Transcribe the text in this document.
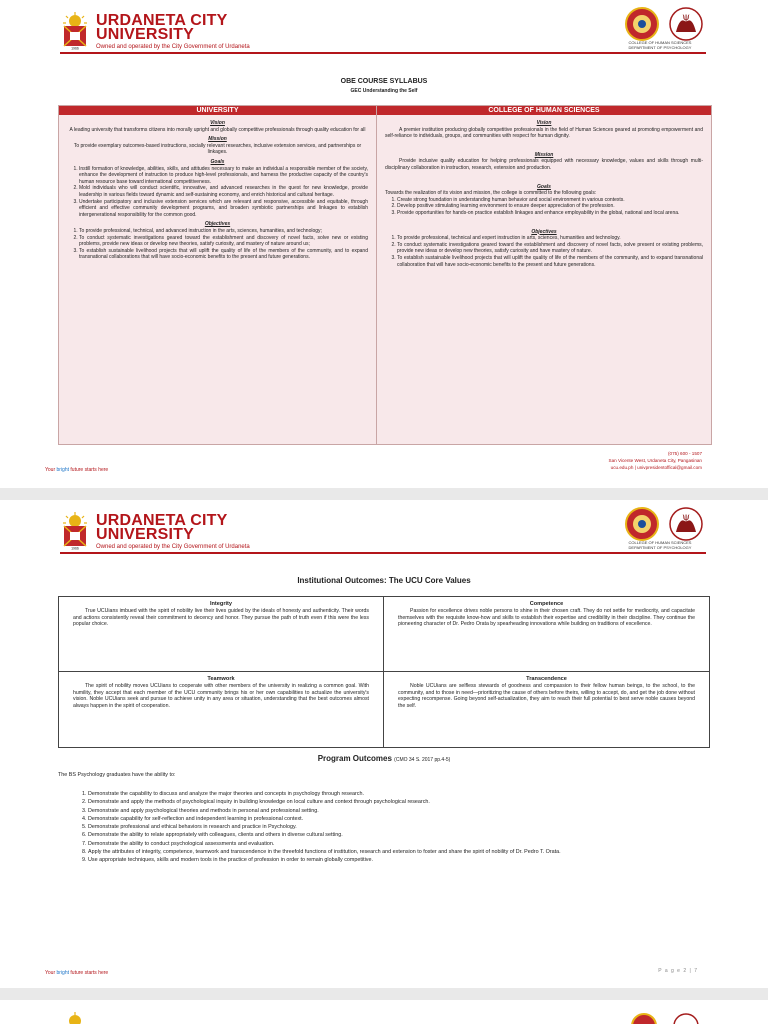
1966
URDANETA CITY
UNIVERSITY
Owned and operated by the City Government of Urdaneta
ψ
COLLEGE OF HUMAN SCIENCES
DEPARTMENT OF PSYCHOLOGY
OBE COURSE SYLLABUS
GEC Understanding the Self
UNIVERSITY
Vision
A leading university that transforms citizens into morally upright and globally competitive professionals through quality education for all
Mission
To provide exemplary outcomes-based instructions, socially relevant researches, inclusive extension services, and partnerships or linkages.
Goals
1. Instill formation of knowledge, abilities, skills, and attitudes necessary to make an individual a responsible member of the society, enhance the development of instruction to produce high-level professionals, and harness the productive capacity of the country's human resource base toward international competitiveness.
2. Mold individuals who will conduct scientific, innovative, and advanced researches in the quest for new knowledge, provide leadership in various fields toward dynamic and self-sustaining economy, and enrich historical and cultural heritage.
3. Undertake participatory and inclusive extension services which are relevant and responsive, accessible and equitable, through efficient and effective community development programs, and broaden symbiotic partnerships and linkages to establish intergenerational responsibility for the common good.
Objectives
1. To provide professional, technical, and advanced instruction in the arts, sciences, humanities, and technology;
2. To conduct systematic investigations geared toward the establishment and discovery of novel facts, solve new or existing problems, provide new ideas or develop new theories, satisfy curiosity, and mastery of nature around us;
3. To establish sustainable livelihood projects that will uplift the quality of life of the members of the community, and to expand transnational collaborations that will have socio-economic benefits to the present and future generations.
COLLEGE OF HUMAN SCIENCES
Vision
A premier institution producing globally competitive professionals in the field of Human Sciences geared at promoting empowerment and self-reliance to individuals, groups, and communities with respect for human dignity.
Mission
Provide inclusive quality education for helping professionals equipped with necessary knowledge, values and skills through multi-disciplinary collaboration in instruction, research, extension and production.
Goals
Towards the realization of its vision and mission, the college is committed to the following goals:
1. Create strong foundation in understanding human behavior and social environment in various contexts.
2. Develop positive stimulating learning environment to ensure deeper appreciation of the profession.
3. Provide opportunities for hands-on practice establish linkages and enhance employability in the global, national and local arena.
Objectives
1. To provide professional, technical and expert instruction in arts, sciences, humanities and technology.
2. To conduct systematic investigations geared toward the establishment and discovery of novel facts, solve present or existing problems, provide new ideas or develop new theories, satisfy curiosity and have mastery of nature.
3. To establish sustainable livelihood projects that will uplift the quality of life of the members of the community, and to expand transnational collaboration that will have socio-economic benefits to the present and future generations.
(075) 600 - 1507
San Vicente West, Urdaneta City, Pangasinan
ucu.edu.ph | univpresidentoffical@gmail.com
Your bright future starts here
1966
URDANETA CITY
UNIVERSITY
Owned and operated by the City Government of Urdaneta
ψ
COLLEGE OF HUMAN SCIENCES
DEPARTMENT OF PSYCHOLOGY
Institutional Outcomes: The UCU Core Values
Integrity
True UCUians imbued with the spirit of nobility live their lives guided by the ideals of honesty and authenticity. Their words and actions consistently reveal their commitment to decency and honor. They pursue the path of truth even if this were the less popular choice.
Competence
Passion for excellence drives noble persons to shine in their chosen craft. They do not settle for mediocrity, and capacitate themselves with the requisite know-how and skills to establish their expertise and credibility in their discipline. They continue the pioneering character of Dr. Pedro Orata by spearheading innovations while building on traditions of excellence.
Teamwork
The spirit of nobility moves UCUians to cooperate with other members of the university in realizing a common goal. With humility, they accept that each member of the UCU community brings his or her own capabilities to actualize the university's vision. Noble UCUians seek and pursue to achieve unity in any area or situation, understanding that the best outcomes almost always happen in the spirit of cooperation.
Transcendence
Noble UCUians are selfless stewards of goodness and compassion to their fellow human beings, to the school, to the community, and to those in need—prioritizing the cause of others before theirs, willing to accept, do, and get the job done without expecting recompense. Going beyond self-actualization, they aim to reach their full potential to best serve noble causes beyond the self.
Program Outcomes (CMO 34 S. 2017 pp.4-5)
The BS Psychology graduates have the ability to:
1. Demonstrate the capability to discuss and analyze the major theories and concepts in psychology through research.
2. Demonstrate and apply the methods of psychological inquiry in building knowledge on local culture and context through psychological research.
3. Demonstrate and apply psychological theories and methods in personal and professional setting.
4. Demonstrate capability for self-reflection and independent learning in professional context.
5. Demonstrate professional and ethical behaviors in research and practice in Psychology.
6. Demonstrate the ability to relate appropriately with colleagues, clients and others in diverse cultural setting.
7. Demonstrate the ability to conduct psychological assessments and evaluation.
8. Apply the attributes of integrity, competence, teamwork and transcendence in the threefold functions of institution, research and extension to foster and share the spirit of nobility of Dr. Pedro T. Orata.
9. Use appropriate techniques, skills and modern tools in the practice of profession in order to remain globally competitive.
Your bright future starts here	P a g e 2 | 7
